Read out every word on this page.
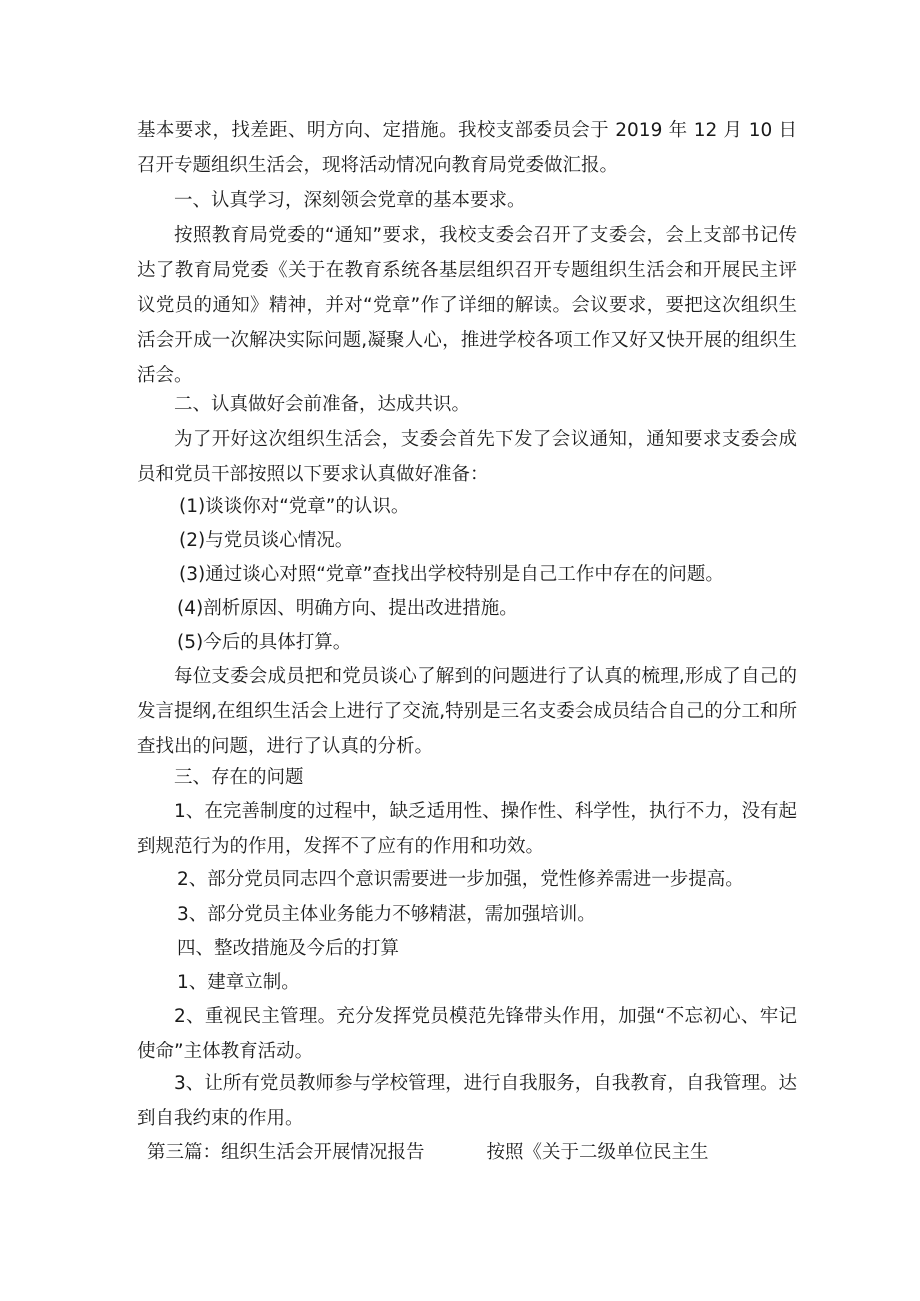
基本要求，找差距、明方向、定措施。我校支部委员会于 2019 年 12 月 10 日召开专题组织生活会，现将活动情况向教育局党委做汇报。

一、认真学习，深刻领会党章的基本要求。

按照教育局党委的“通知”要求，我校支委会召开了支委会，会上支部书记传达了教育局党委《关于在教育系统各基层组织召开专题组织生活会和开展民主评议党员的通知》精神，并对“党章”作了详细的解读。会议要求，要把这次组织生活会开成一次解决实际问题,凝聚人心，推进学校各项工作又好又快开展的组织生活会。

二、认真做好会前准备，达成共识。

为了开好这次组织生活会，支委会首先下发了会议通知，通知要求支委会成员和党员干部按照以下要求认真做好准备：

(1)谈谈你对“党章”的认识。

(2)与党员谈心情况。

(3)通过谈心对照“党章”查找出学校特别是自己工作中存在的问题。

(4)剖析原因、明确方向、提出改进措施。

(5)今后的具体打算。

每位支委会成员把和党员谈心了解到的问题进行了认真的梳理,形成了自己的发言提纲,在组织生活会上进行了交流,特别是三名支委会成员结合自己的分工和所查找出的问题，进行了认真的分析。

三、存在的问题

1、在完善制度的过程中，缺乏适用性、操作性、科学性，执行不力，没有起到规范行为的作用，发挥不了应有的作用和功效。

2、部分党员同志四个意识需要进一步加强，党性修养需进一步提高。

3、部分党员主体业务能力不够精湛，需加强培训。

四、整改措施及今后的打算

1、建章立制。

2、重视民主管理。充分发挥党员模范先锋带头作用，加强“不忘初心、牢记使命”主体教育活动。

3、让所有党员教师参与学校管理，进行自我服务，自我教育，自我管理。达到自我约束的作用。

第三篇：组织生活会开展情况报告	按照《关于二级单位民主生
